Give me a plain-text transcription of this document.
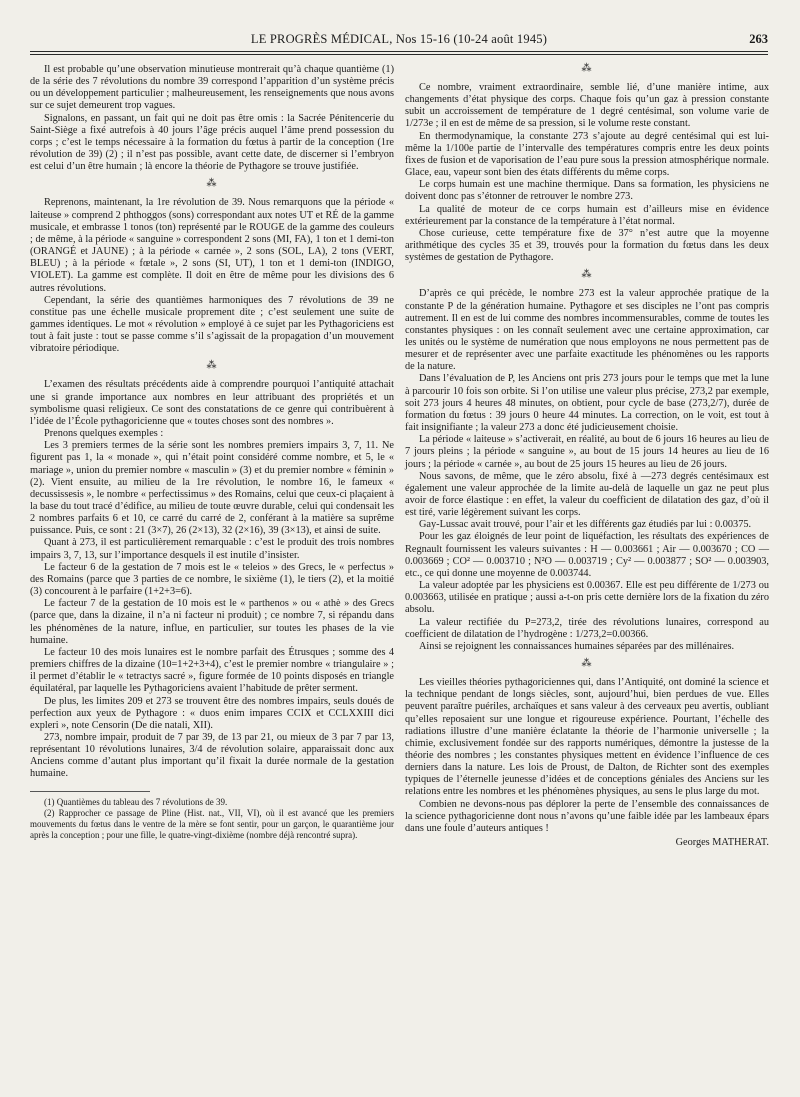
LE PROGRÈS MÉDICAL, Nos 15-16 (10-24 août 1945)	263

Il est probable qu’une observation minutieuse montrerait qu’à chaque quantième (1) de la série des 7 révolutions du nombre 39 correspond l’apparition d’un système précis ou un développement particulier ; malheureusement, les renseignements que nous avons sur ce sujet demeurent trop vagues.

Signalons, en passant, un fait qui ne doit pas être omis : la Sacrée Pénitencerie du Saint-Siège a fixé autrefois à 40 jours l’âge précis auquel l’âme prend possession du corps ; c’est le temps nécessaire à la formation du fœtus à partir de la conception (1re révolution de 39) (2) ; il n’est pas possible, avant cette date, de discerner si l’embryon est celui d’un être humain ; là encore la théorie de Pythagore se trouve justifiée.

⁂

Reprenons, maintenant, la 1re révolution de 39. Nous remarquons que la période « laiteuse » comprend 2 phthoggos (sons) correspondant aux notes UT et RÉ de la gamme musicale, et embrasse 1 tonos (ton) représenté par le ROUGE de la gamme des couleurs ; de même, à la période « sanguine » correspondent 2 sons (MI, FA), 1 ton et 1 demi-ton (ORANGÉ et JAUNE) ; à la période « carnée », 2 sons (SOL, LA), 2 tons (VERT, BLEU) ; à la période « fœtale », 2 sons (SI, UT), 1 ton et 1 demi-ton (INDIGO, VIOLET). La gamme est complète. Il doit en être de même pour les divisions des 6 autres révolutions.

Cependant, la série des quantièmes harmoniques des 7 révolutions de 39 ne constitue pas une échelle musicale proprement dite ; c’est seulement une suite de gammes identiques. Le mot « révolution » employé à ce sujet par les Pythagoriciens est tout à fait juste : tout se passe comme s’il s’agissait de la propagation d’un mouvement vibratoire périodique.

⁂

L’examen des résultats précédents aide à comprendre pourquoi l’antiquité attachait une si grande importance aux nombres en leur attribuant des propriétés et un symbolisme quasi religieux. Ce sont des constatations de ce genre qui contribuèrent à l’idée de l’École pythagoricienne que « toutes choses sont des nombres ».

Prenons quelques exemples :

Les 3 premiers termes de la série sont les nombres premiers impairs 3, 7, 11. Ne figurent pas 1, la « monade », qui n’était point considéré comme nombre, et 5, le « mariage », union du premier nombre « masculin » (3) et du premier nombre « féminin » (2). Vient ensuite, au milieu de la 1re révolution, le nombre 16, le fameux « decussissesis », le nombre « perfectissimus » des Romains, celui que ceux-ci plaçaient à la base du tout tracé d’édifice, au milieu de toute œuvre durable, celui qui condensait les 2 nombres parfaits 6 et 10, ce carré du carré de 2, conférant à la matière sa suprême puissance. Puis, ce sont : 21 (3×7), 26 (2×13), 32 (2×16), 39 (3×13), et ainsi de suite.

Quant à 273, il est particulièrement remarquable : c’est le produit des trois nombres impairs 3, 7, 13, sur l’importance desquels il est inutile d’insister.

Le facteur 6 de la gestation de 7 mois est le « teleios » des Grecs, le « perfectus » des Romains (parce que 3 parties de ce nombre, le sixième (1), le tiers (2), et la moitié (3) concourent à le parfaire (1+2+3=6).

Le facteur 7 de la gestation de 10 mois est le « parthenos » ou « athè » des Grecs (parce que, dans la dizaine, il n’a ni facteur ni produit) ; ce nombre 7, si répandu dans les phénomènes de la nature, influe, en particulier, sur toutes les phases de la vie humaine.

Le facteur 10 des mois lunaires est le nombre parfait des Étrusques ; somme des 4 premiers chiffres de la dizaine (10=1+2+3+4), c’est le premier nombre « triangulaire » ; il permet d’établir le « tetractys sacré », figure formée de 10 points disposés en triangle équilatéral, par laquelle les Pythagoriciens avaient l’habitude de prêter serment.

De plus, les limites 209 et 273 se trouvent être des nombres impairs, seuls doués de perfection aux yeux de Pythagore : « duos enim impares CCIX et CCLXXIII dici expleri », note Censorin (De die natali, XII).

273, nombre impair, produit de 7 par 39, de 13 par 21, ou mieux de 3 par 7 par 13, représentant 10 révolutions lunaires, 3/4 de révolution solaire, apparaissait donc aux Anciens comme d’autant plus important qu’il fixait la durée normale de la gestation humaine.

(1) Quantièmes du tableau des 7 révolutions de 39.

(2) Rapprocher ce passage de Pline (Hist. nat., VII, VI), où il est avancé que les premiers mouvements du fœtus dans le ventre de la mère se font sentir, pour un garçon, le quarantième jour après la conception ; pour une fille, le quatre-vingt-dixième (nombre déjà rencontré supra).

⁂

Ce nombre, vraiment extraordinaire, semble lié, d’une manière intime, aux changements d’état physique des corps. Chaque fois qu’un gaz à pression constante subit un accroissement de température de 1 degré centésimal, son volume varie de 1/273e ; il en est de même de sa pression, si le volume reste constant.

En thermodynamique, la constante 273 s’ajoute au degré centésimal qui est lui-même la 1/100e partie de l’intervalle des températures compris entre les deux points fixes de fusion et de vaporisation de l’eau pure sous la pression atmosphérique normale. Glace, eau, vapeur sont bien des états différents du même corps.

Le corps humain est une machine thermique. Dans sa formation, les physiciens ne doivent donc pas s’étonner de retrouver le nombre 273.

La qualité de moteur de ce corps humain est d’ailleurs mise en évidence extérieurement par la constance de la température à l’état normal.

Chose curieuse, cette température fixe de 37° n’est autre que la moyenne arithmétique des cycles 35 et 39, trouvés pour la formation du fœtus dans les deux systèmes de gestation de Pythagore.

⁂

D’après ce qui précède, le nombre 273 est la valeur approchée pratique de la constante P de la génération humaine. Pythagore et ses disciples ne l’ont pas compris autrement. Il en est de lui comme des nombres incommensurables, comme de toutes les constantes physiques : on les connaît seulement avec une certaine approximation, car les unités ou le système de numération que nous employons ne nous permettent pas de mesurer et de représenter avec une parfaite exactitude les phénomènes ou les rapports de la nature.

Dans l’évaluation de P, les Anciens ont pris 273 jours pour le temps que met la lune à parcourir 10 fois son orbite. Si l’on utilise une valeur plus précise, 273,2 par exemple, soit 273 jours 4 heures 48 minutes, on obtient, pour cycle de base (273,2/7), durée de formation du fœtus : 39 jours 0 heure 44 minutes. La correction, on le voit, est tout à fait insignifiante ; la valeur 273 a donc été judicieusement choisie.

La période « laiteuse » s’activerait, en réalité, au bout de 6 jours 16 heures au lieu de 7 jours pleins ; la période « sanguine », au bout de 15 jours 14 heures au lieu de 16 jours ; la période « carnée », au bout de 25 jours 15 heures au lieu de 26 jours.

Nous savons, de même, que le zéro absolu, fixé à —273 degrés centésimaux est également une valeur approchée de la limite au-delà de laquelle un gaz ne peut plus avoir de force élastique : en effet, la valeur du coefficient de dilatation des gaz, d’où il est tiré, varie légèrement suivant les corps.

Gay-Lussac avait trouvé, pour l’air et les différents gaz étudiés par lui : 0.00375.

Pour les gaz éloignés de leur point de liquéfaction, les résultats des expériences de Regnault fournissent les valeurs suivantes : H — 0.003661 ; Air — 0.003670 ; CO — 0.003669 ; CO² — 0.003710 ; N²O — 0.003719 ; Cy² — 0.003877 ; SO² — 0.003903, etc., ce qui donne une moyenne de 0.003744.

La valeur adoptée par les physiciens est 0.00367. Elle est peu différente de 1/273 ou 0.003663, utilisée en pratique ; aussi a-t-on pris cette dernière lors de la fixation du zéro absolu.

La valeur rectifiée du P=273,2, tirée des révolutions lunaires, correspond au coefficient de dilatation de l’hydrogène : 1/273,2=0.00366.

Ainsi se rejoignent les connaissances humaines séparées par des millénaires.

⁂

Les vieilles théories pythagoriciennes qui, dans l’Antiquité, ont dominé la science et la technique pendant de longs siècles, sont, aujourd’hui, bien perdues de vue. Elles peuvent paraître puériles, archaïques et sans valeur à des cerveaux peu avertis, oubliant qu’elles reposaient sur une longue et rigoureuse expérience. Pourtant, l’échelle des radiations illustre d’une manière éclatante la théorie de l’harmonie universelle ; la chimie, exclusivement fondée sur des rapports numériques, démontre la justesse de la théorie des nombres ; les constantes physiques mettent en évidence l’influence de ces derniers dans la nature. Les lois de Proust, de Dalton, de Richter sont des exemples typiques de l’éternelle jeunesse d’idées et de conceptions géniales des Anciens sur les relations entre les nombres et les phénomènes physiques, au sens le plus large du mot.

Combien ne devons-nous pas déplorer la perte de l’ensemble des connaissances de la science pythagoricienne dont nous n’avons qu’une faible idée par les lambeaux épars dans une foule d’auteurs antiques !

Georges MATHERAT.
